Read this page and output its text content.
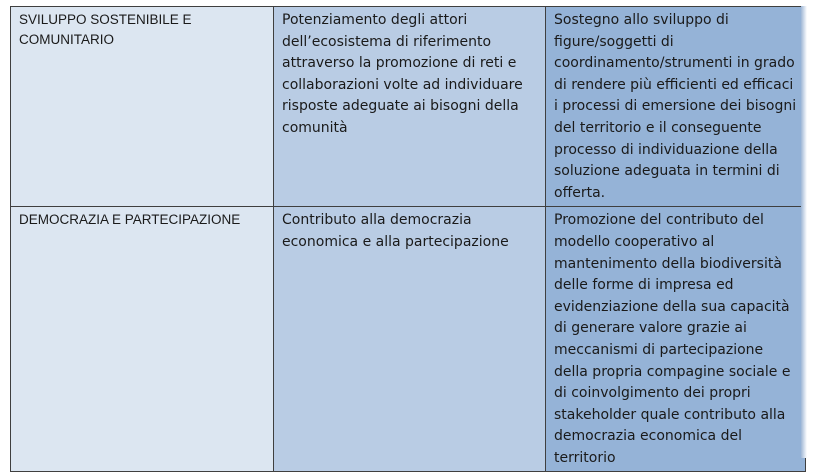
SVILUPPO SOSTENIBILE E COMUNITARIO	Potenziamento degli attori dell’ecosistema di riferimento attraverso la promozione di reti e collaborazioni volte ad individuare risposte adeguate ai bisogni della comunità	Sostegno allo sviluppo di figure/soggetti di coordinamento/strumenti in grado di rendere più efficienti ed efficaci i processi di emersione dei bisogni del territorio e il conseguente processo di individuazione della soluzione adeguata in termini di offerta.
DEMOCRAZIA E PARTECIPAZIONE	Contributo alla democrazia economica e alla partecipazione	Promozione del contributo del modello cooperativo al mantenimento della biodiversità delle forme di impresa ed evidenziazione della sua capacità di generare valore grazie ai meccanismi di partecipazione della propria compagine sociale e di coinvolgimento dei propri stakeholder quale contributo alla democrazia economica del territorio
